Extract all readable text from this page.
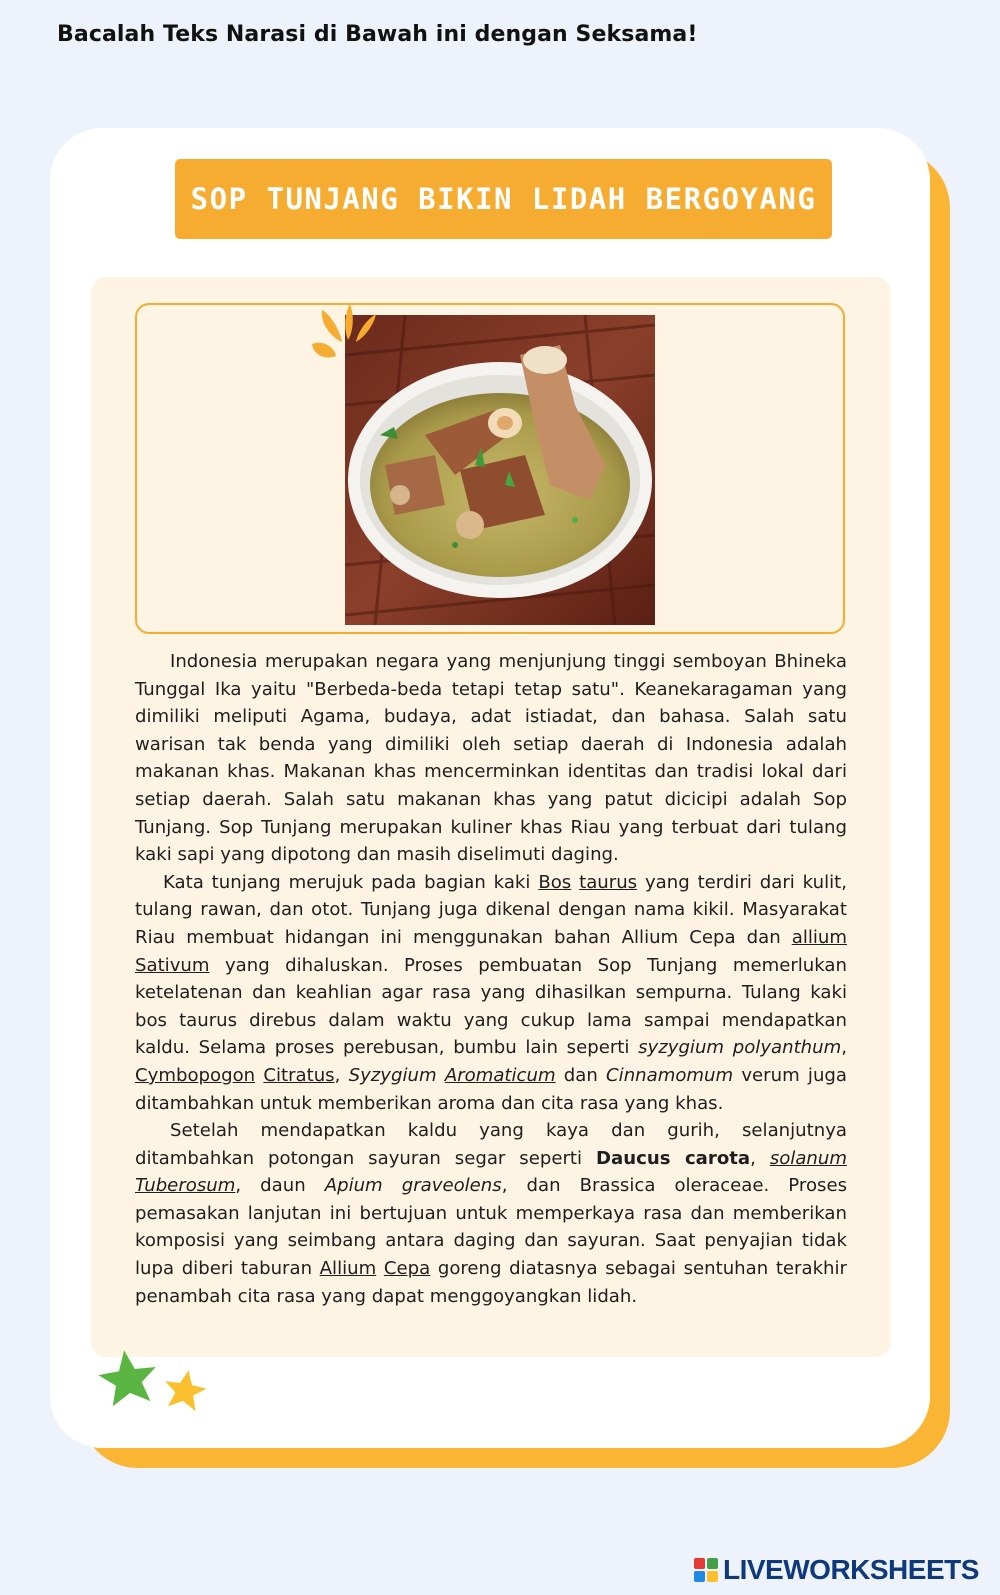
Bacalah Teks Narasi di Bawah ini dengan Seksama!
SOP TUNJANG BIKIN LIDAH BERGOYANG

Indonesia merupakan negara yang menjunjung tinggi semboyan Bhineka Tunggal Ika yaitu "Berbeda-beda tetapi tetap satu". Keanekaragaman yang dimiliki meliputi Agama, budaya, adat istiadat, dan bahasa. Salah satu warisan tak benda yang dimiliki oleh setiap daerah di Indonesia adalah makanan khas. Makanan khas mencerminkan identitas dan tradisi lokal dari setiap daerah. Salah satu makanan khas yang patut dicicipi adalah Sop Tunjang. Sop Tunjang merupakan kuliner khas Riau yang terbuat dari tulang kaki sapi yang dipotong dan masih diselimuti daging.

Kata tunjang merujuk pada bagian kaki Bos taurus yang terdiri dari kulit, tulang rawan, dan otot. Tunjang juga dikenal dengan nama kikil. Masyarakat Riau membuat hidangan ini menggunakan bahan Allium Cepa dan allium Sativum yang dihaluskan. Proses pembuatan Sop Tunjang memerlukan ketelatenan dan keahlian agar rasa yang dihasilkan sempurna. Tulang kaki bos taurus direbus dalam waktu yang cukup lama sampai mendapatkan kaldu. Selama proses perebusan, bumbu lain seperti syzygium polyanthum, Cymbopogon Citratus, Syzygium Aromaticum dan Cinnamomum verum juga ditambahkan untuk memberikan aroma dan cita rasa yang khas.

Setelah mendapatkan kaldu yang kaya dan gurih, selanjutnya ditambahkan potongan sayuran segar seperti Daucus carota, solanum Tuberosum, daun Apium graveolens, dan Brassica oleraceae. Proses pemasakan lanjutan ini bertujuan untuk memperkaya rasa dan memberikan komposisi yang seimbang antara daging dan sayuran. Saat penyajian tidak lupa diberi taburan Allium Cepa goreng diatasnya sebagai sentuhan terakhir penambah cita rasa yang dapat menggoyangkan lidah.

LIVEWORKSHEETS
